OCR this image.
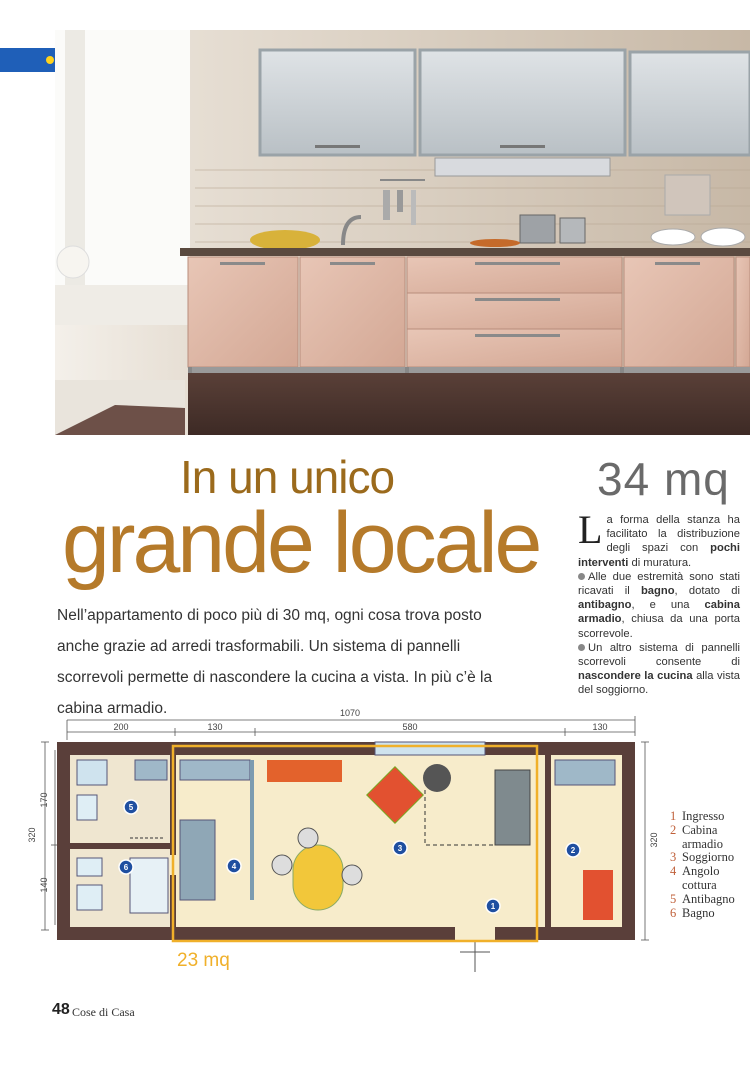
In un unico
grande locale
Nell’appartamento di poco più di 30 mq, ogni cosa trova posto anche grazie ad arredi trasformabili. Un sistema di pannelli scorrevoli permette di nascondere la cucina a vista. In più c’è la cabina armadio.
34 mq

La forma della stanza ha facilitato la distribuzione degli spazi con pochi interventi di muratura.

Alle due estremità sono stati ricavati il bagno, dotato di antibagno, e una cabina armadio, chiusa da una porta scorrevole.

Un altro sistema di pannelli scorrevoli consente di nascondere la cucina alla vista del soggiorno.

1070
200	130	580	130
320
170
140
320
1
2
3
4
5
6
23 mq
1 Ingresso
2 Cabina
armadio
3 Soggiorno
4 Angolo
cottura
5 Antibagno
6 Bagno
48 Cose di Casa
